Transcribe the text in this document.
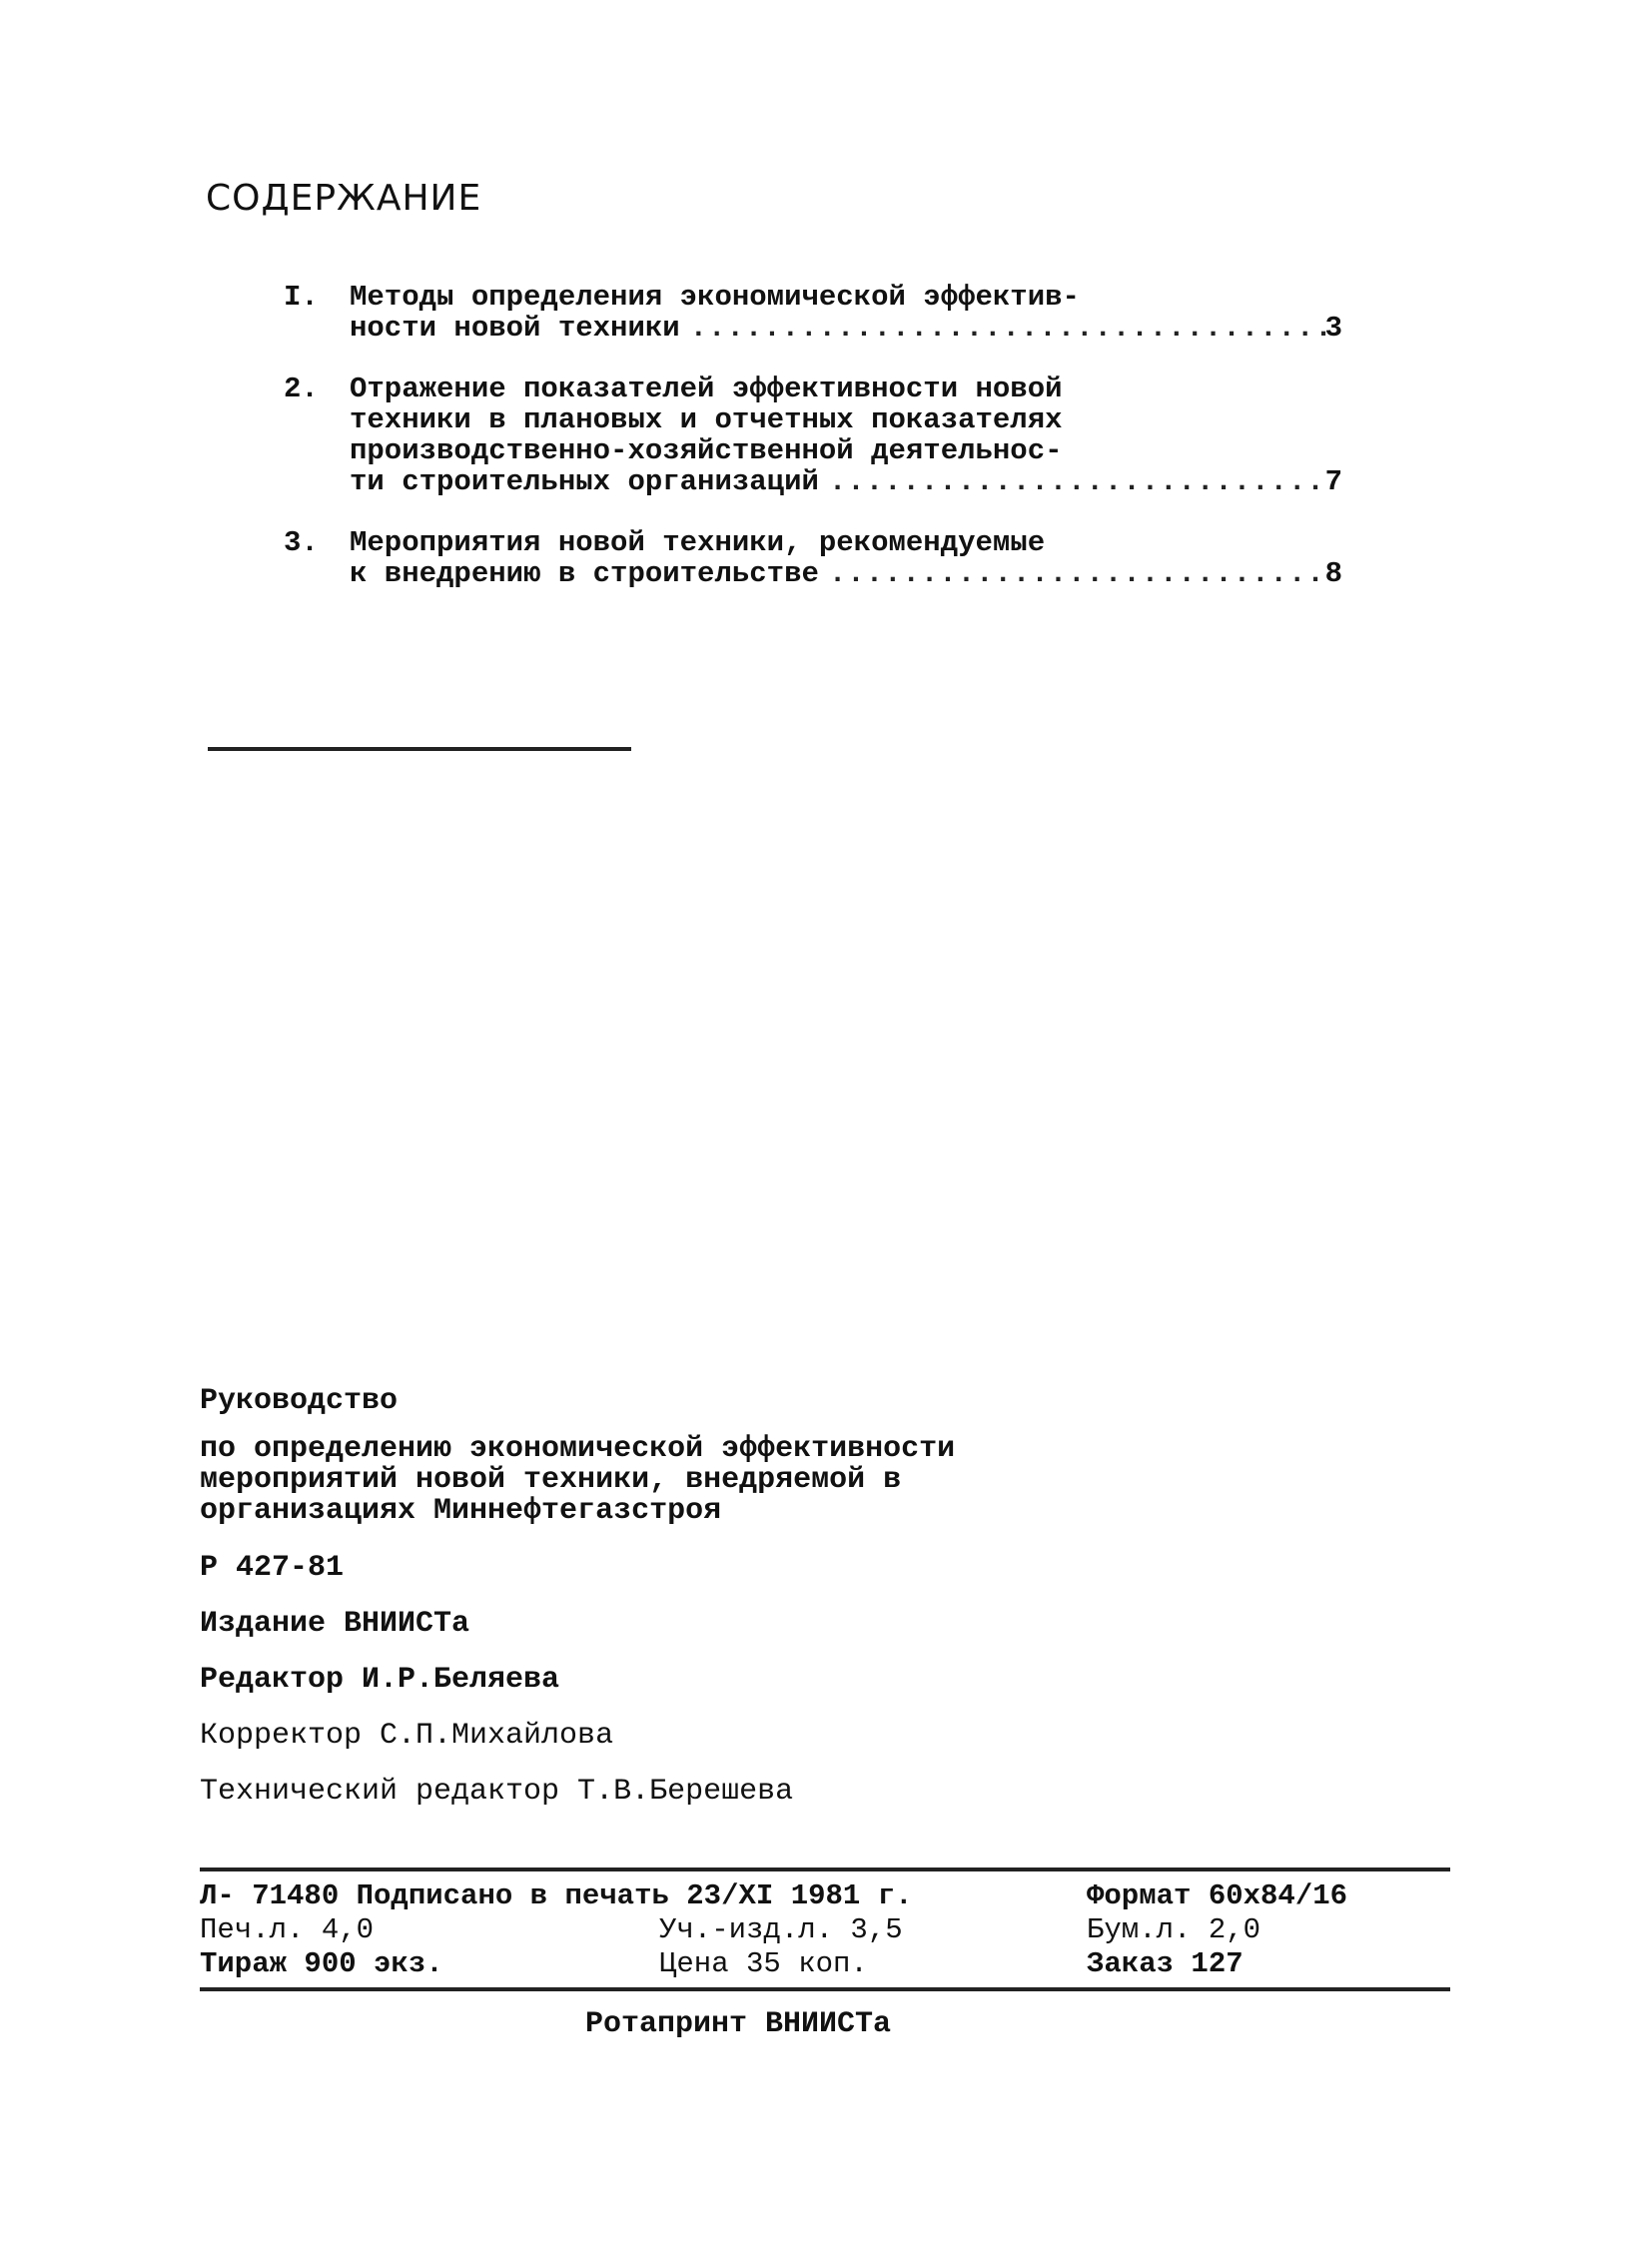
СОДЕРЖАНИЕ
I.	Методы определения экономической эффектив-
ности новой техники .....	3
2.	Отражение показателей эффективности новой
техники в плановых и отчетных показателях
производственно-хозяйственной деятельнос-
ти строительных организаций .....	7
3.	Мероприятия новой техники, рекомендуемые
к внедрению в строительстве .....	8
Руководство
по определению экономической эффективности
мероприятий новой техники, внедряемой в
организациях Миннефтегазстроя
Р 427-81
Издание ВНИИСТа
Редактор И.Р.Беляева
Корректор С.П.Михайлова
Технический редактор Т.В.Берешева
Л- 71480 Подписано в печать 23/XI 1981 г.	Формат 60х84/16
Печ.л. 4,0	Уч.-изд.л. 3,5	Бум.л. 2,0
Тираж 900 экз.	Цена 35 коп.	Заказ 127
Ротапринт ВНИИСТа
